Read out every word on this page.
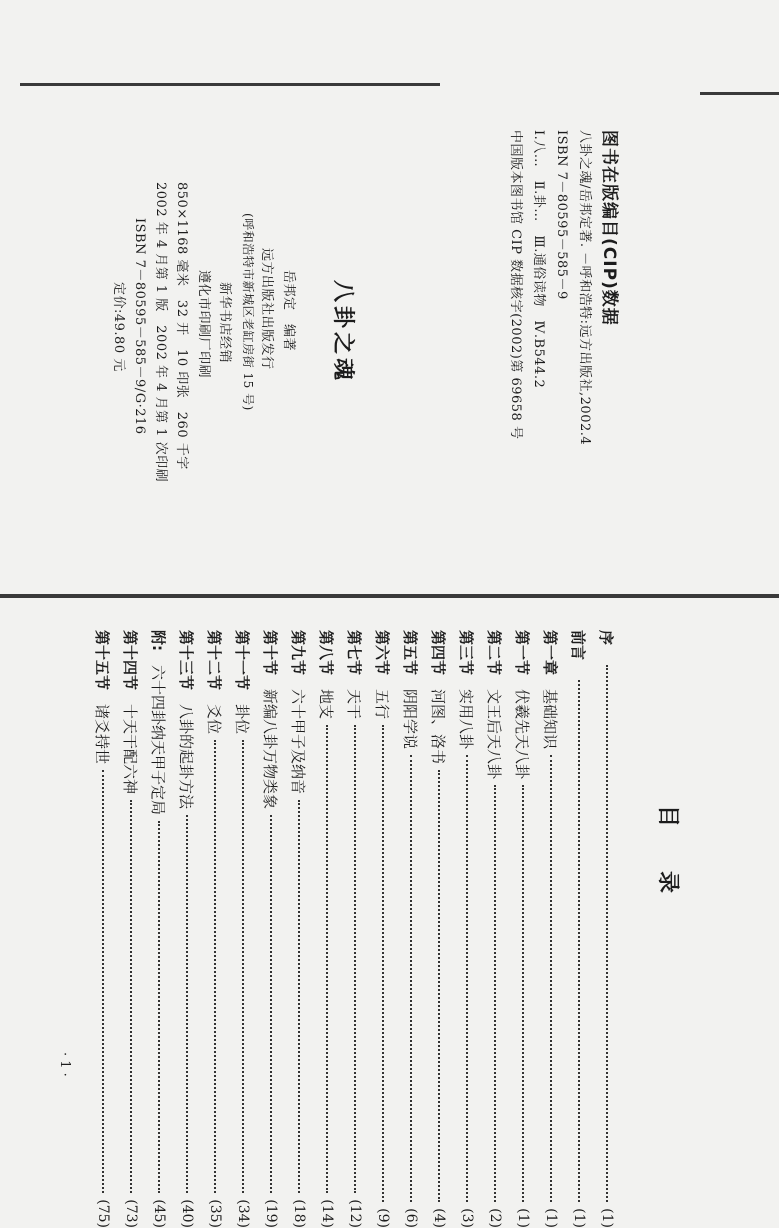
图书在版编目(CIP)数据
八卦之魂/岳邦定著. －呼和浩特:远方出版社,2002.4
ISBN 7－80595－585－9
Ⅰ.八…　Ⅱ.卦…　Ⅲ.通俗读物　Ⅳ.B544.2
中国版本图书馆 CIP 数据核字(2002)第 69658 号
八卦之魂
岳邦定　编著
远方出版社出版发行
(呼和浩特市新城区老缸房街 15 号)
新华书店经销
遵化市印刷厂印刷
850×1168 毫米　32 开　10 印张　260 千字
2002 年 4 月第 1 版　2002 年 4 月第 1 次印刷
ISBN 7－80595－585－9/G·216
定价:49.80 元
目　　录
序
(1)
前言
(1)
第一章
基础知识
(1)
第一节
伏羲先天八卦
(1)
第二节
文王后天八卦
(2)
第三节
实用八卦
(3)
第四节
河图、洛书
(4)
第五节
阴阳学说
(6)
第六节
五行
(9)
第七节
天干
(12)
第八节
地支
(14)
第九节
六十甲子及纳音
(18)
第十节
新编八卦万物类象
(19)
第十一节
卦位
(34)
第十二节
爻位
(35)
第十三节
八卦的起卦方法
(40)
附:
六十四卦纳天甲子定局
(45)
第十四节
十天干配六神
(73)
第十五节
诸爻持世
(75)
· 1 ·
